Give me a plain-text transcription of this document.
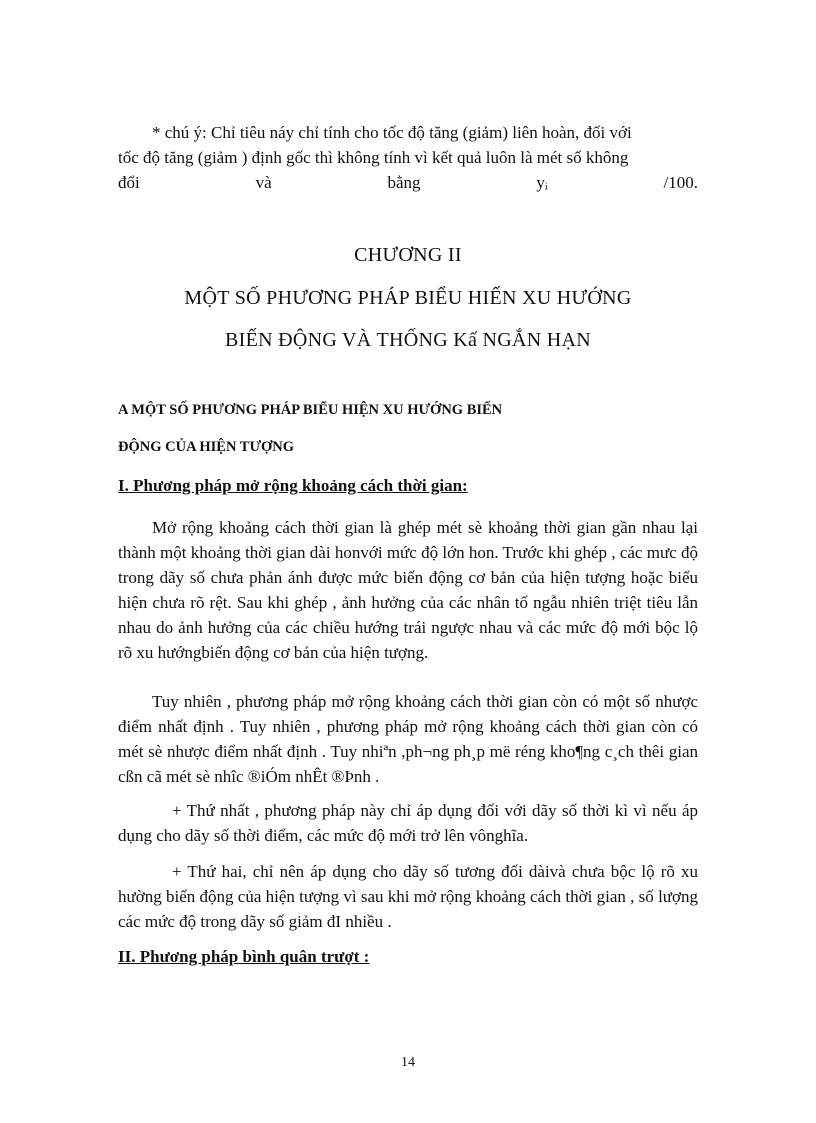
* chú ý: Chỉ tiêu náy chỉ tính cho tốc độ tăng (giảm) liên hoàn, đối với
tốc độ tăng (giảm ) định gốc thì không tính vì kết quả luôn là mét số không

đổi	và	bằng	yᵢ	/100.

CHƯƠNG II

MỘT SỐ PHƯƠNG PHÁP BIỂU HIẾN XU HƯỚNG

BIẾN ĐỘNG VÀ THỐNG Kấ NGẮN HẠN

A MỘT SỐ PHƯƠNG PHÁP BIỂU HIỆN XU HƯỚNG BIẾN

ĐỘNG CỦA HIỆN TƯỢNG

I. Phương pháp mở rộng khoảng cách thời gian:

Mở rộng khoảng cách thời gian là ghép mét sè khoảng thời gian gần nhau lại thành một khoảng thời gian dài honvới mức độ lớn hon. Trước khi ghép , các mưc độ trong dãy số chưa phản ánh được mức biến động cơ bản của hiện tượng hoặc biểu hiện chưa rõ rệt. Sau khi ghép , ảnh hưởng của các nhân tố ngẫu nhiên triệt tiêu lẫn nhau do ảnh hưởng của các chiều hướng trái ngược nhau và các mức độ mới bộc lộ rõ xu hướngbiến động cơ bản của hiện tượng.

Tuy nhiên , phương pháp mở rộng khoảng cách thời gian còn có một số nhược điểm nhất định . Tuy nhiên , phương pháp mở rộng khoảng cách thời gian còn có mét sè nhược điểm nhất định . Tuy nhiªn ,ph¬ng ph¸p më réng kho¶ng c¸ch thêi gian cßn cã mét sè nhîc ®iÓm nhÊt ®Þnh .

+ Thứ nhất , phương pháp này chỉ áp dụng đối với dãy số thời kì vì nếu áp dụng cho dãy số thời điểm, các mức độ mới trở lên vônghĩa.

+ Thứ hai, chỉ nên áp dụng cho dãy số tương đối dàivà chưa bộc lộ rõ xu hường biến động của hiện tượng vì sau khi mở rộng khoảng cách thời gian , số lượng các mức độ trong dãy số giảm đI nhiều .

II. Phương pháp bình quân trượt :

14
